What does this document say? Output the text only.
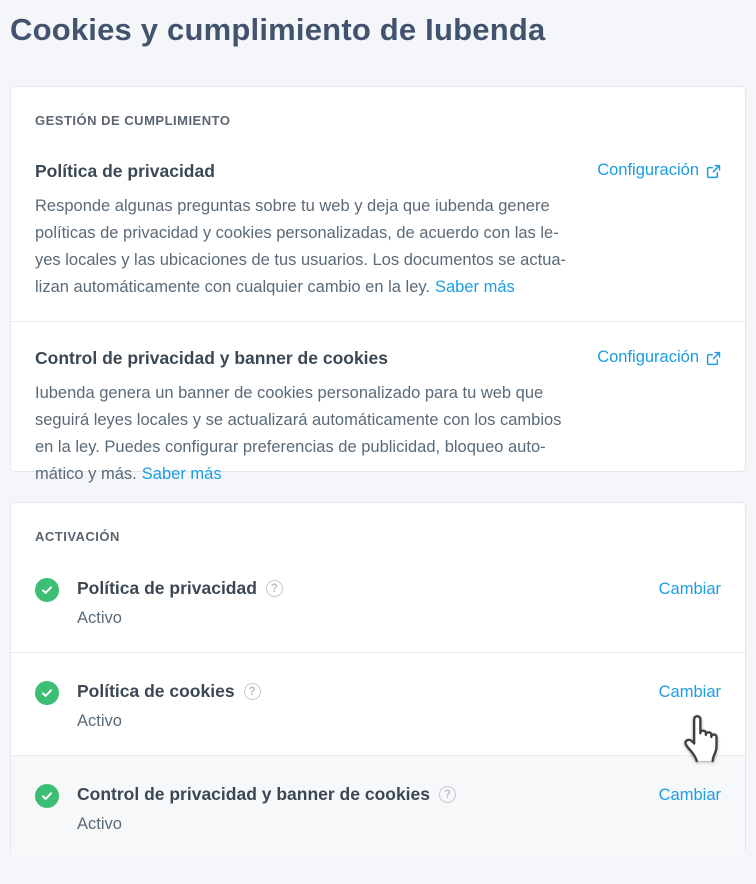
Cookies y cumplimiento de Iubenda
GESTIÓN DE CUMPLIMIENTO
Política de privacidad	Configuración
Responde algunas preguntas sobre tu web y deja que iubenda genere
políticas de privacidad y cookies personalizadas, de acuerdo con las le-
yes locales y las ubicaciones de tus usuarios. Los documentos se actua-
lizan automáticamente con cualquier cambio en la ley. Saber más
Control de privacidad y banner de cookies	Configuración
Iubenda genera un banner de cookies personalizado para tu web que
seguirá leyes locales y se actualizará automáticamente con los cambios
en la ley. Puedes configurar preferencias de publicidad, bloqueo auto-
mático y más. Saber más
ACTIVACIÓN
Política de privacidad	?
Activo
Cambiar
Política de cookies	?
Activo
Cambiar
Control de privacidad y banner de cookies	?
Activo
Cambiar
